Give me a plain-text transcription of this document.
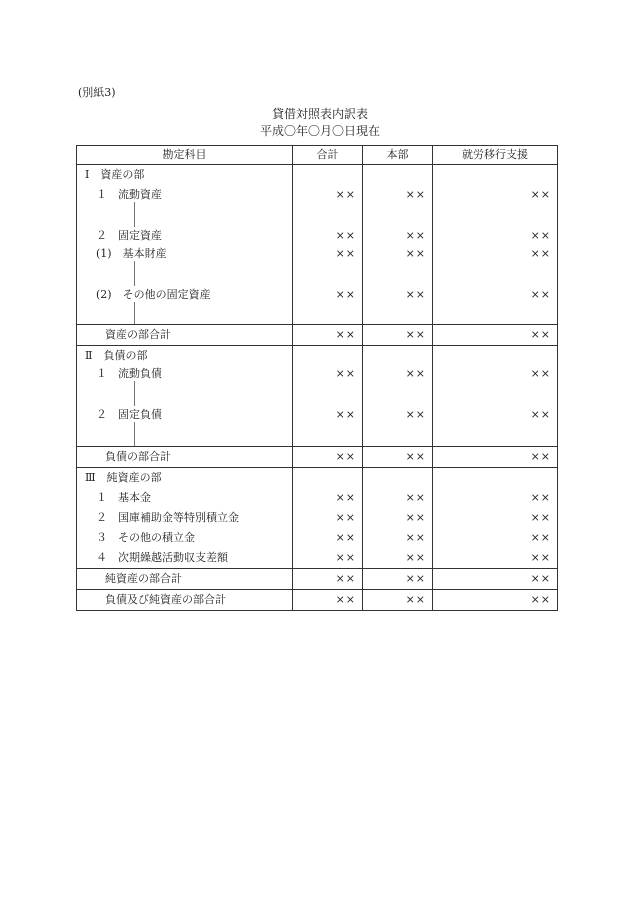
(別紙3)
貸借対照表内訳表
平成〇年〇月〇日現在
勘定科目	合計	本部	就労移行支援
Ⅰ　資産の部			

１　流動資産	××	××	××
２　固定資産	××	××	××

(1)　基本財産	××	××	××

(2)　その他の固定資産	××	××	××
資産の部合計	××	××	××
Ⅱ　負債の部			

１　流動負債	××	××	××

２　固定負債	××	××	××
負債の部合計	××	××	××
Ⅲ　純資産の部			
１　基本金	××	××	××
２　国庫補助金等特別積立金	××	××	××
３　その他の積立金	××	××	××
４　次期繰越活動収支差額	××	××	××
純資産の部合計	××	××	××
負債及び純資産の部合計	××	××	××
